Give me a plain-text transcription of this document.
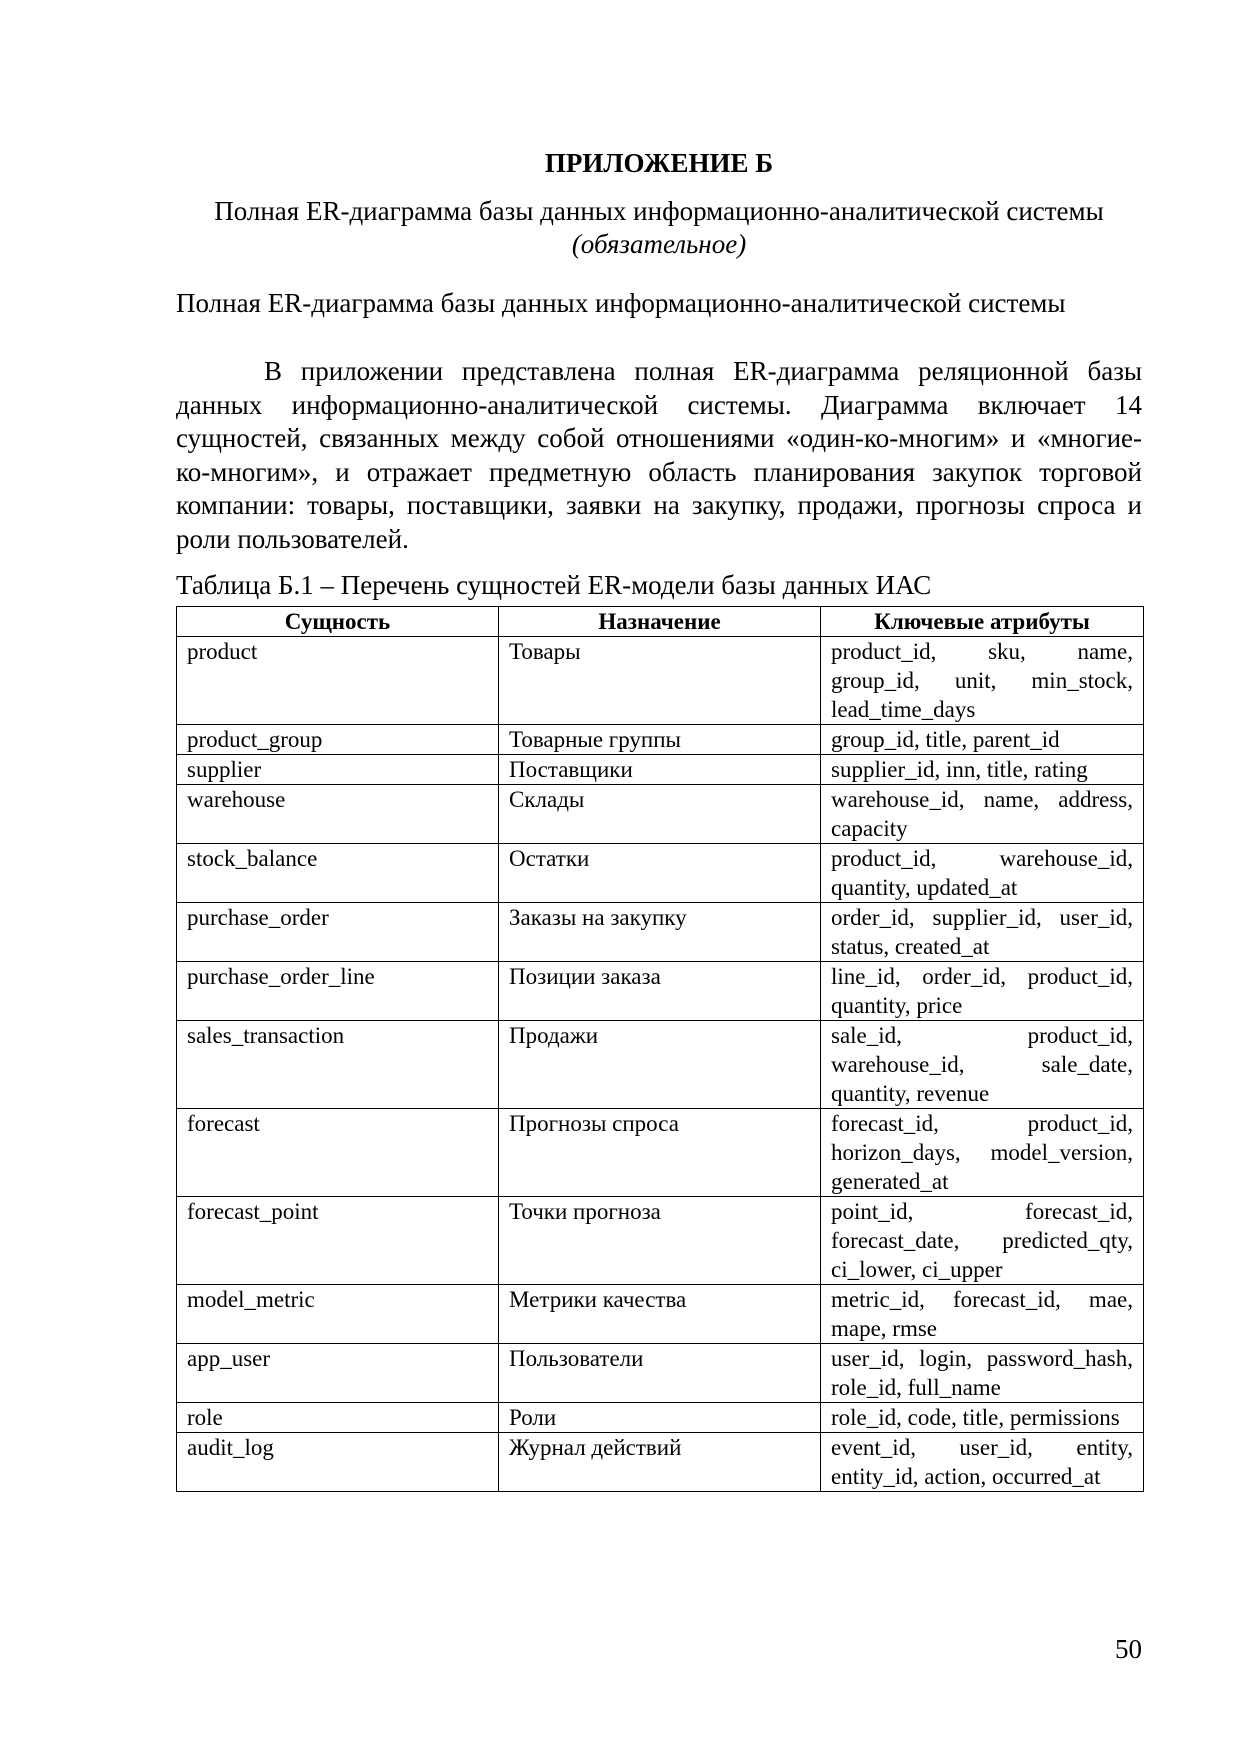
ПРИЛОЖЕНИЕ Б
Полная ER-диаграмма базы данных информационно-аналитической системы
(обязательное)
Полная ER-диаграмма базы данных информационно-аналитической системы

В приложении представлена полная ER-диаграмма реляционной базы данных информационно-аналитической системы. Диаграмма включает 14 сущностей, связанных между собой отношениями «один-ко-многим» и «многие-ко-многим», и отражает предметную область планирования закупок торговой компании: товары, поставщики, заявки на закупку, продажи, прогнозы спроса и роли пользователей.

Таблица Б.1 – Перечень сущностей ER-модели базы данных ИАС
Сущность	Назначение	Ключевые атрибуты
product	Товары	product_id, sku, name, group_id, unit, min_stock, lead_time_days
product_group	Товарные группы	group_id, title, parent_id
supplier	Поставщики	supplier_id, inn, title, rating
warehouse	Склады	warehouse_id, name, address, capacity
stock_balance	Остатки	product_id, warehouse_id, quantity, updated_at
purchase_order	Заказы на закупку	order_id, supplier_id, user_id, status, created_at
purchase_order_line	Позиции заказа	line_id, order_id, product_id, quantity, price
sales_transaction	Продажи	sale_id, product_id, warehouse_id, sale_date, quantity, revenue
forecast	Прогнозы спроса	forecast_id, product_id, horizon_days, model_version, generated_at
forecast_point	Точки прогноза	point_id, forecast_id, forecast_date, predicted_qty, ci_lower, ci_upper
model_metric	Метрики качества	metric_id, forecast_id, mae, mape, rmse
app_user	Пользователи	user_id, login, password_hash, role_id, full_name
role	Роли	role_id, code, title, permissions
audit_log	Журнал действий	event_id, user_id, entity, entity_id, action, occurred_at
50
